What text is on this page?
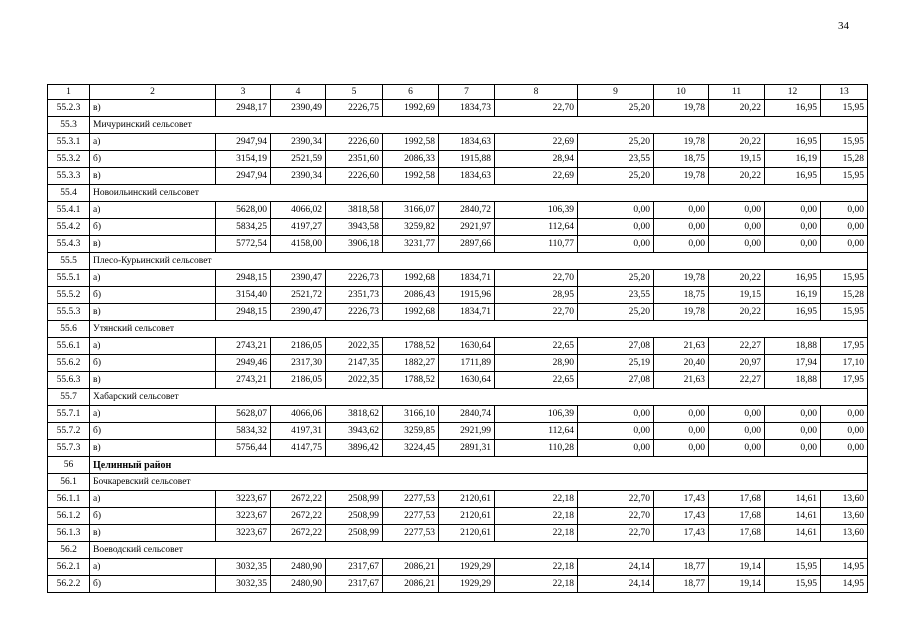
34
1	2	3	4	5	6	7	8	9	10	11	12	13
55.2.3	в)	2948,17	2390,49	2226,75	1992,69	1834,73	22,70	25,20	19,78	20,22	16,95	15,95
55.3	Мичуринский сельсовет											
55.3.1	а)	2947,94	2390,34	2226,60	1992,58	1834,63	22,69	25,20	19,78	20,22	16,95	15,95
55.3.2	б)	3154,19	2521,59	2351,60	2086,33	1915,88	28,94	23,55	18,75	19,15	16,19	15,28
55.3.3	в)	2947,94	2390,34	2226,60	1992,58	1834,63	22,69	25,20	19,78	20,22	16,95	15,95
55.4	Новоильинский сельсовет											
55.4.1	а)	5628,00	4066,02	3818,58	3166,07	2840,72	106,39	0,00	0,00	0,00	0,00	0,00
55.4.2	б)	5834,25	4197,27	3943,58	3259,82	2921,97	112,64	0,00	0,00	0,00	0,00	0,00
55.4.3	в)	5772,54	4158,00	3906,18	3231,77	2897,66	110,77	0,00	0,00	0,00	0,00	0,00
55.5	Плесо-Курьинский сельсовет											
55.5.1	а)	2948,15	2390,47	2226,73	1992,68	1834,71	22,70	25,20	19,78	20,22	16,95	15,95
55.5.2	б)	3154,40	2521,72	2351,73	2086,43	1915,96	28,95	23,55	18,75	19,15	16,19	15,28
55.5.3	в)	2948,15	2390,47	2226,73	1992,68	1834,71	22,70	25,20	19,78	20,22	16,95	15,95
55.6	Утянский сельсовет											
55.6.1	а)	2743,21	2186,05	2022,35	1788,52	1630,64	22,65	27,08	21,63	22,27	18,88	17,95
55.6.2	б)	2949,46	2317,30	2147,35	1882,27	1711,89	28,90	25,19	20,40	20,97	17,94	17,10
55.6.3	в)	2743,21	2186,05	2022,35	1788,52	1630,64	22,65	27,08	21,63	22,27	18,88	17,95
55.7	Хабарский сельсовет											
55.7.1	а)	5628,07	4066,06	3818,62	3166,10	2840,74	106,39	0,00	0,00	0,00	0,00	0,00
55.7.2	б)	5834,32	4197,31	3943,62	3259,85	2921,99	112,64	0,00	0,00	0,00	0,00	0,00
55.7.3	в)	5756,44	4147,75	3896,42	3224,45	2891,31	110,28	0,00	0,00	0,00	0,00	0,00
56	Целинный район											
56.1	Бочкаревский сельсовет											
56.1.1	а)	3223,67	2672,22	2508,99	2277,53	2120,61	22,18	22,70	17,43	17,68	14,61	13,60
56.1.2	б)	3223,67	2672,22	2508,99	2277,53	2120,61	22,18	22,70	17,43	17,68	14,61	13,60
56.1.3	в)	3223,67	2672,22	2508,99	2277,53	2120,61	22,18	22,70	17,43	17,68	14,61	13,60
56.2	Воеводский сельсовет											
56.2.1	а)	3032,35	2480,90	2317,67	2086,21	1929,29	22,18	24,14	18,77	19,14	15,95	14,95
56.2.2	б)	3032,35	2480,90	2317,67	2086,21	1929,29	22,18	24,14	18,77	19,14	15,95	14,95
